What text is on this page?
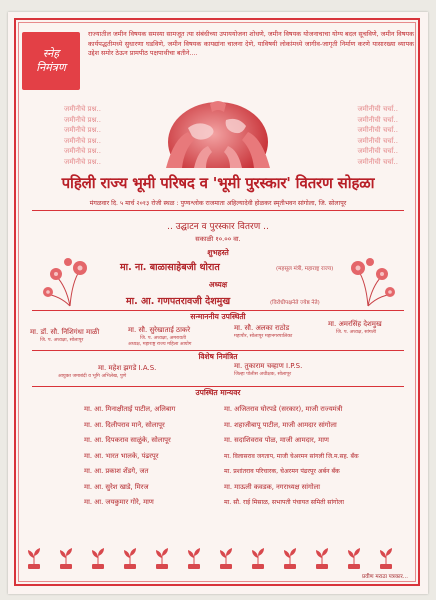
स्नेह
निमंत्रण
राज्यातील जमीन विषयक समस्या सामजूत त्या संबंधीच्या उपाययोजना शोधणे, जमीन विषयक योजनाचाचा योग्य बदल सूचविणे, जमीन विषयक कार्यपद्धतीमध्ये सुधारणा घडविणे, जमीन विषयक कायद्यांना चालना देणे, याविषयी लोकांमध्ये जागीव-जागृती निर्माण करणे यासारख्या व्यापक उद्देश समोर ठेऊन प्रामपीठ पक्षपाथीचा बतीने....
जमीनीचे प्रश्न..
जमीनीचे प्रश्न..
जमीनीचे प्रश्न..
जमीनीचे प्रश्न..
जमीनीचे प्रश्न..
जमीनीचे प्रश्न..
जमीनीची चर्चा..
जमीनीची चर्चा..
जमीनीची चर्चा..
जमीनीची चर्चा..
जमीनीची चर्चा..
जमीनीची चर्चा..
पहिली राज्य भूमी परिषद व 'भूमी पुरस्कार' वितरण सोहळा
मंगळवार दि. ५ मार्च २०१३ रोजी स्थळ : पुण्यश्लोक राजमाता अहिल्यादेवी होळकर स्मृतीभवन सांगोला, जि. सोलापूर
.. उद्घाटन व पुरस्कार वितरण ..
सकाळी १०.०० वा.
शुभहस्ते
मा. ना. बाळासाहेबजी थोरात	(महसूल मंत्री, महाराष्ट्र राज्य)
अध्यक्ष
मा. आ. गणपतरावजी देशमुख	(विरोधीपक्षनेते ज्येष्ठ नेते)
सन्माननीय उपस्थिती
मा. डॉ. सौ. निशिगंधा माळी
जि. प. अध्यक्षा, सोलापूर
मा. सौ. सुरेखाताई ठाकरे
जि. प. अध्यक्षा, अमरावती
अध्यक्ष, महाराष्ट्र राज्य महिला आयोग
मा. सौ. अलका राठोड
महापौर, सोलापूर महानगरपालिका
मा. अमरसिंह देशमुख
जि. प. अध्यक्ष, सांगली
विशेष निमंत्रित
मा. महेश झगडे I.A.S.
आयुक्त जमाबंदी व भूमि अभिलेख, पुणे
मा. तुकाराम चव्हाण I.P.S.
जिल्हा पोलीस अधीक्षक, सोलापूर
उपस्थित मान्यवर
मा. आ. मिनाक्षीताई पाटील, अलिबाग
मा. आ. दिलीपराव माने, सोलापूर
मा. आ. दिपकराव साळुंके, सोलापूर
मा. आ. भारत भालके, पंढरपूर
मा. आ. प्रकाश शेंडगे, जत
मा. आ. सुरेश खाडे, मिरज
मा. आ. जयकुमार गोरे, माण
मा. अजितराव घोरपडे (सरकार), माजी राज्यमंत्री
मा. शहाजीबापू पाटील, माजी आमदार सांगोला
मा. सदाशिवराव पोळ, माजी आमदार, माण
मा. विलासराव जगताप, माजी चेअरमन सांगली जि.म.सह. बँक
मा. प्रशांतराव परिचारक, चेअरमन पंढरपूर अर्बन बँक
मा. माऊली कवडक, नगराध्यक्ष सांगोला
मा. सौ. राई मिसाळ, सभापती पंचायत समिती सांगोला
प्रवीण मराठा पत्रकार...
